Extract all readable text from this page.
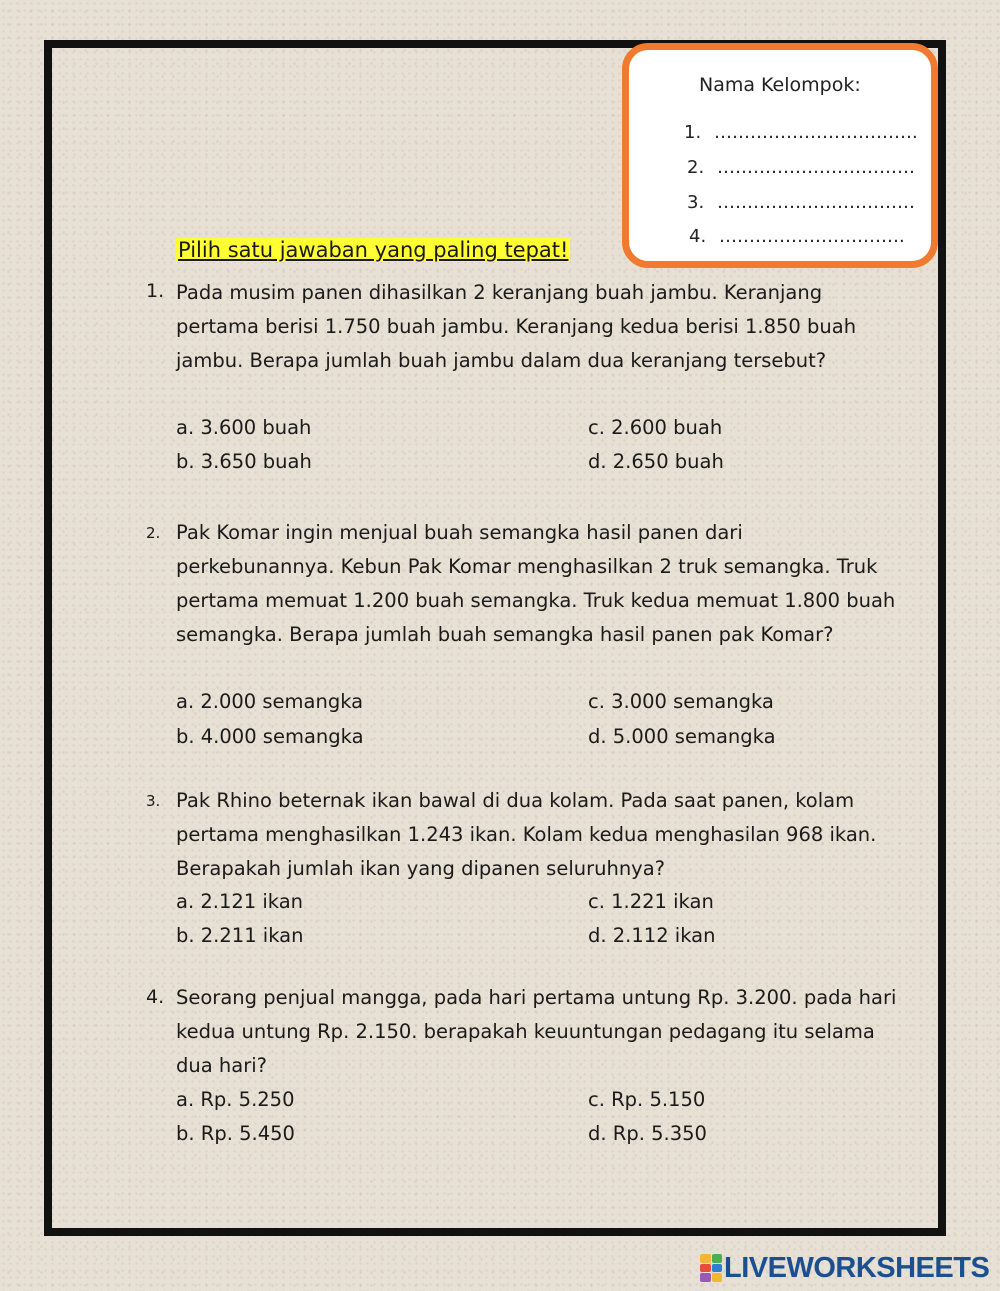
Nama Kelompok:
1. …………………………….
2. ……………………………
3. ……………………………
4. ………………………….
Pilih satu jawaban yang paling tepat!
1. Pada musim panen dihasilkan 2 keranjang buah jambu. Keranjang pertama berisi 1.750 buah jambu. Keranjang kedua berisi 1.850 buah jambu. Berapa jumlah buah jambu dalam dua keranjang tersebut?
a. 3.600 buah	c. 2.600 buah
b. 3.650 buah	d. 2.650 buah
2. Pak Komar ingin menjual buah semangka hasil panen dari perkebunannya. Kebun Pak Komar menghasilkan 2 truk semangka. Truk pertama memuat 1.200 buah semangka. Truk kedua memuat 1.800 buah semangka. Berapa jumlah buah semangka hasil panen pak Komar?
a. 2.000 semangka	c. 3.000 semangka
b. 4.000 semangka	d. 5.000 semangka
3. Pak Rhino beternak ikan bawal di dua kolam. Pada saat panen, kolam pertama menghasilkan 1.243 ikan. Kolam kedua menghasilan 968 ikan. Berapakah jumlah ikan yang dipanen seluruhnya?
a. 2.121 ikan	c. 1.221 ikan
b. 2.211 ikan	d. 2.112 ikan
4. Seorang penjual mangga, pada hari pertama untung Rp. 3.200. pada hari kedua untung Rp. 2.150. berapakah keuuntungan pedagang itu selama dua hari?
a. Rp. 5.250	c. Rp. 5.150
b. Rp. 5.450	d. Rp. 5.350
LIVEWORKSHEETS
